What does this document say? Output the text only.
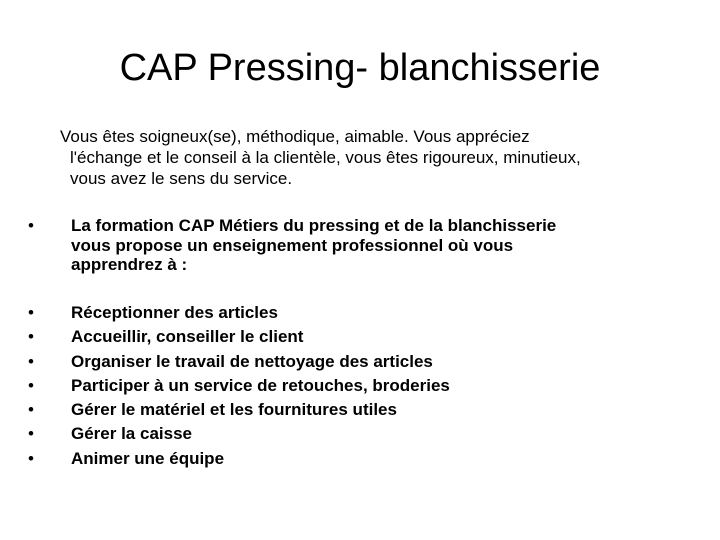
CAP Pressing- blanchisserie
Vous êtes soigneux(se), méthodique, aimable. Vous appréciez
l'échange et le conseil à la clientèle, vous êtes rigoureux, minutieux,
vous avez le sens du service.
• La formation CAP Métiers du pressing et de la blanchisserie
vous propose un enseignement professionnel où vous
apprendrez à :
• Réceptionner des articles
• Accueillir, conseiller le client
• Organiser le travail de nettoyage des articles
• Participer à un service de retouches, broderies
• Gérer le matériel et les fournitures utiles
• Gérer la caisse
• Animer une équipe
